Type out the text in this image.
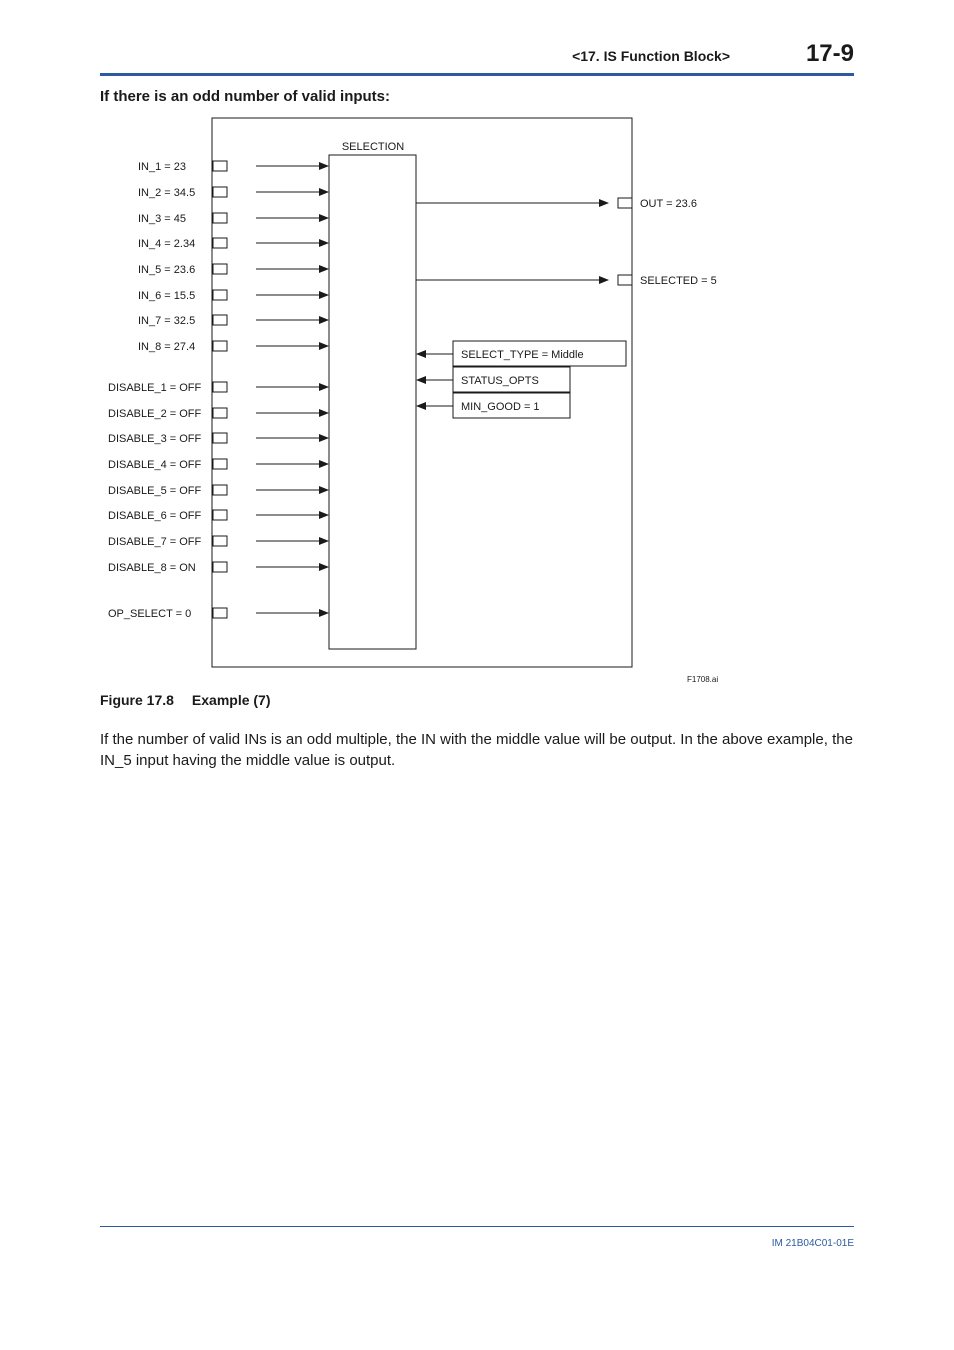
<17. IS Function Block>	17-9
If there is an odd number of valid inputs:
SELECTION
IN_1 = 23
IN_2 = 34.5
IN_3 = 45
IN_4 = 2.34
IN_5 = 23.6
IN_6 = 15.5
IN_7 = 32.5
IN_8 = 27.4
DISABLE_1 = OFF
DISABLE_2 = OFF
DISABLE_3 = OFF
DISABLE_4 = OFF
DISABLE_5 = OFF
DISABLE_6 = OFF
DISABLE_7 = OFF
DISABLE_8 = ON
OP_SELECT = 0
OUT = 23.6
SELECTED = 5
SELECT_TYPE = Middle
STATUS_OPTS
MIN_GOOD = 1
F1708.ai
Figure 17.8 Example (7)
If the number of valid INs is an odd multiple, the IN with the middle value will be output. In the above example, the IN_5 input having the middle value is output.
IM 21B04C01-01E
